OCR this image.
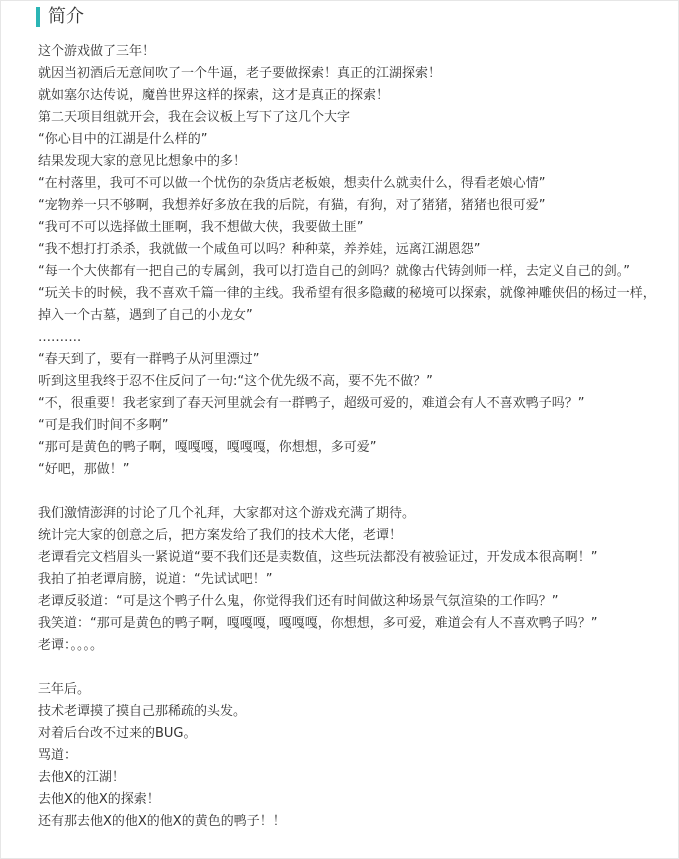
简介
这个游戏做了三年！
就因当初酒后无意间吹了一个牛逼，老子要做探索！真正的江湖探索！
就如塞尔达传说，魔兽世界这样的探索，这才是真正的探索！
第二天项目组就开会，我在会议板上写下了这几个大字
“你心目中的江湖是什么样的”
结果发现大家的意见比想象中的多！
“在村落里，我可不可以做一个忧伤的杂货店老板娘，想卖什么就卖什么，得看老娘心情”
“宠物养一只不够啊，我想养好多放在我的后院，有猫，有狗，对了猪猪，猪猪也很可爱”
“我可不可以选择做土匪啊，我不想做大侠，我要做土匪”
“我不想打打杀杀，我就做一个咸鱼可以吗？种种菜，养养娃，远离江湖恩怨”
“每一个大侠都有一把自己的专属剑，我可以打造自己的剑吗？就像古代铸剑师一样，去定义自己的剑。”
“玩关卡的时候，我不喜欢千篇一律的主线。我希望有很多隐藏的秘境可以探索，就像神雕侠侣的杨过一样，掉入一个古墓，遇到了自己的小龙女”
……….
“春天到了，要有一群鸭子从河里漂过”
听到这里我终于忍不住反问了一句:“这个优先级不高，要不先不做？”
“不，很重要！我老家到了春天河里就会有一群鸭子，超级可爱的，难道会有人不喜欢鸭子吗？”
“可是我们时间不多啊”
“那可是黄色的鸭子啊，嘎嘎嘎，嘎嘎嘎，你想想，多可爱”
“好吧，那做！”
我们激情澎湃的讨论了几个礼拜，大家都对这个游戏充满了期待。
统计完大家的创意之后，把方案发给了我们的技术大佬，老谭！
老谭看完文档眉头一紧说道“要不我们还是卖数值，这些玩法都没有被验证过，开发成本很高啊！”
我拍了拍老谭肩膀，说道：“先试试吧！”
老谭反驳道：“可是这个鸭子什么鬼，你觉得我们还有时间做这种场景气氛渲染的工作吗？”
我笑道：“那可是黄色的鸭子啊，嘎嘎嘎，嘎嘎嘎，你想想，多可爱，难道会有人不喜欢鸭子吗？”
老谭：。。。。
三年后。
技术老谭摸了摸自己那稀疏的头发。
对着后台改不过来的BUG。
骂道：
去他X的江湖！
去他X的他X的探索！
还有那去他X的他X的他X的黄色的鸭子！！
